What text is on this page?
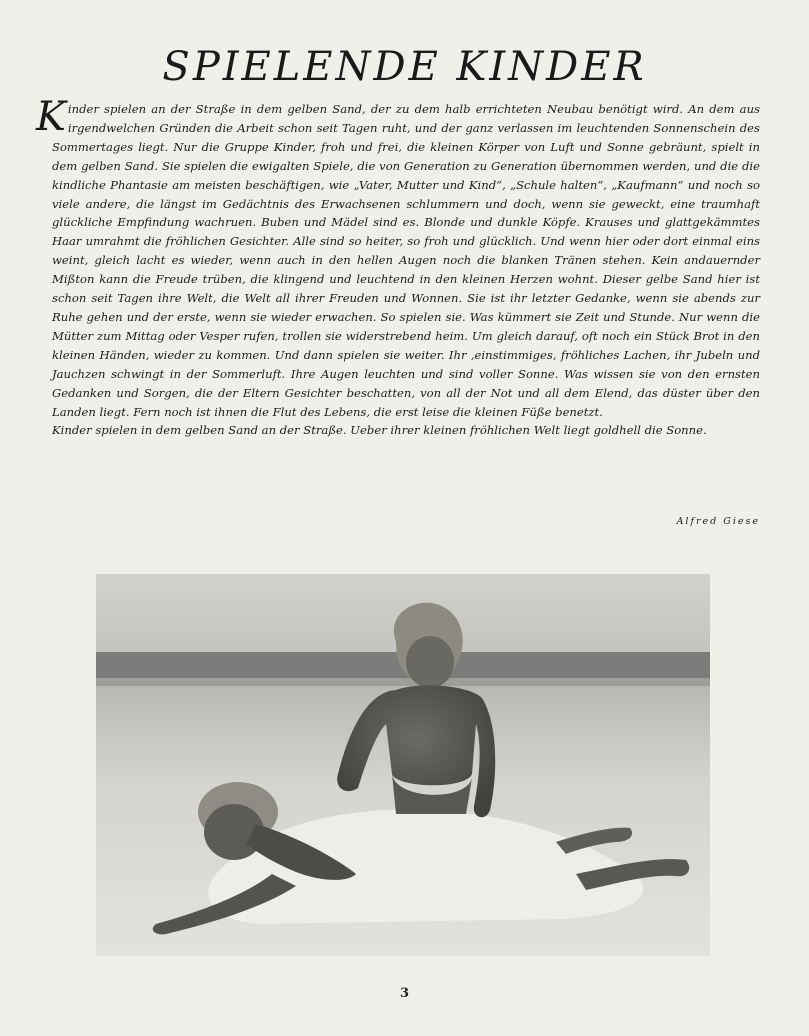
SPIELENDE KINDER

Kinder spielen an der Straße in dem gelben Sand, der zu dem halb errichteten Neubau benötigt wird. An dem aus irgendwelchen Gründen die Arbeit schon seit Tagen ruht, und der ganz verlassen im leuchtenden Sonnenschein des Sommertages liegt. Nur die Gruppe Kinder, froh und frei, die kleinen Körper von Luft und Sonne gebräunt, spielt in dem gelben Sand. Sie spielen die ewigalten Spiele, die von Generation zu Generation übernommen werden, und die die kindliche Phantasie am meisten beschäftigen, wie „Vater, Mutter und Kind“, „Schule halten“, „Kaufmann“ und noch so viele andere, die längst im Gedächtnis des Erwachsenen schlummern und doch, wenn sie geweckt, eine traumhaft glückliche Empfindung wachruen. Buben und Mädel sind es. Blonde und dunkle Köpfe. Krauses und glattgekämmtes Haar umrahmt die fröhlichen Gesichter. Alle sind so heiter, so froh und glücklich. Und wenn hier oder dort einmal eins weint, gleich lacht es wieder, wenn auch in den hellen Augen noch die blanken Tränen stehen. Kein andauernder Mißton kann die Freude trüben, die klingend und leuchtend in den kleinen Herzen wohnt. Dieser gelbe Sand hier ist schon seit Tagen ihre Welt, die Welt all ihrer Freuden und Wonnen. Sie ist ihr letzter Gedanke, wenn sie abends zur Ruhe gehen und der erste, wenn sie wieder erwachen. So spielen sie. Was kümmert sie Zeit und Stunde. Nur wenn die Mütter zum Mittag oder Vesper rufen, trollen sie widerstrebend heim. Um gleich darauf, oft noch ein Stück Brot in den kleinen Händen, wieder zu kommen. Und dann spielen sie weiter. Ihr ,einstimmiges, fröhliches Lachen, ihr Jubeln und Jauchzen schwingt in der Sommerluft. Ihre Augen leuchten und sind voller Sonne. Was wissen sie von den ernsten Gedanken und Sorgen, die der Eltern Gesichter beschatten, von all der Not und all dem Elend, das düster über den Landen liegt. Fern noch ist ihnen die Flut des Lebens, die erst leise die kleinen Füße benetzt.

Kinder spielen in dem gelben Sand an der Straße. Ueber ihrer kleinen fröhlichen Welt liegt goldhell die Sonne.

Alfred Giese
3
